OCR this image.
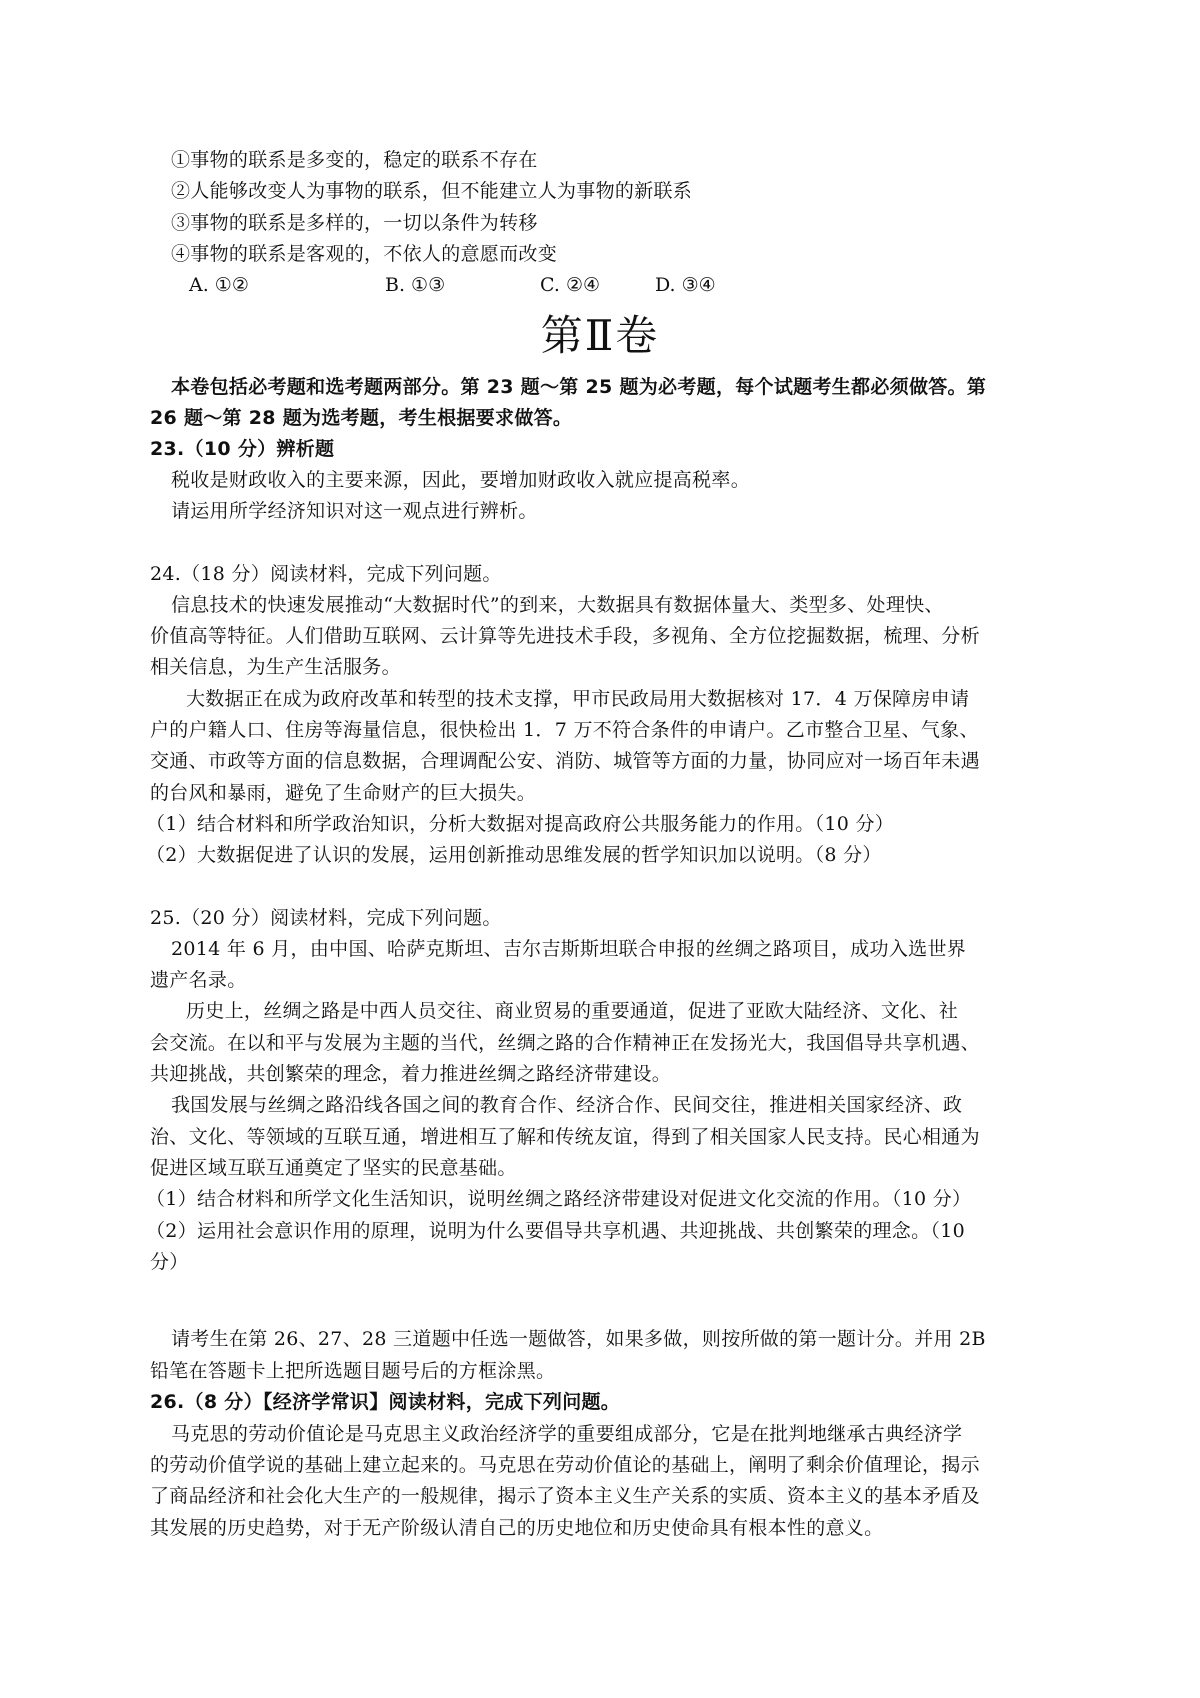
①事物的联系是多变的，稳定的联系不存在
②人能够改变人为事物的联系，但不能建立人为事物的新联系
③事物的联系是多样的，一切以条件为转移
④事物的联系是客观的，不依人的意愿而改变
A. ①②	B. ①③	C. ②④	D. ③④
第Ⅱ卷
本卷包括必考题和选考题两部分。第 23 题～第 25 题为必考题，每个试题考生都必须做答。第
26 题～第 28 题为选考题，考生根据要求做答。
23.（10 分）辨析题
税收是财政收入的主要来源，因此，要增加财政收入就应提高税率。
请运用所学经济知识对这一观点进行辨析。
24.（18 分）阅读材料，完成下列问题。
信息技术的快速发展推动“大数据时代”的到来，大数据具有数据体量大、类型多、处理快、
价值高等特征。人们借助互联网、云计算等先进技术手段，多视角、全方位挖掘数据，梳理、分析
相关信息，为生产生活服务。
大数据正在成为政府改革和转型的技术支撑，甲市民政局用大数据核对 17．4 万保障房申请
户的户籍人口、住房等海量信息，很快检出 1．7 万不符合条件的申请户。乙市整合卫星、气象、
交通、市政等方面的信息数据，合理调配公安、消防、城管等方面的力量，协同应对一场百年未遇
的台风和暴雨，避免了生命财产的巨大损失。
（1）结合材料和所学政治知识，分析大数据对提高政府公共服务能力的作用。（10 分）
（2）大数据促进了认识的发展，运用创新推动思维发展的哲学知识加以说明。（8 分）
25.（20 分）阅读材料，完成下列问题。
2014 年 6 月，由中国、哈萨克斯坦、吉尔吉斯斯坦联合申报的丝绸之路项目，成功入选世界
遗产名录。
历史上，丝绸之路是中西人员交往、商业贸易的重要通道，促进了亚欧大陆经济、文化、社
会交流。在以和平与发展为主题的当代，丝绸之路的合作精神正在发扬光大，我国倡导共享机遇、
共迎挑战，共创繁荣的理念，着力推进丝绸之路经济带建设。
我国发展与丝绸之路沿线各国之间的教育合作、经济合作、民间交往，推进相关国家经济、政
治、文化、等领域的互联互通，增进相互了解和传统友谊，得到了相关国家人民支持。民心相通为
促进区域互联互通奠定了坚实的民意基础。
（1）结合材料和所学文化生活知识，说明丝绸之路经济带建设对促进文化交流的作用。（10 分）
（2）运用社会意识作用的原理，说明为什么要倡导共享机遇、共迎挑战、共创繁荣的理念。（10
分）
请考生在第 26、27、28 三道题中任选一题做答，如果多做，则按所做的第一题计分。并用 2B
铅笔在答题卡上把所选题目题号后的方框涂黑。
26.（8 分）【经济学常识】阅读材料，完成下列问题。
马克思的劳动价值论是马克思主义政治经济学的重要组成部分，它是在批判地继承古典经济学
的劳动价值学说的基础上建立起来的。马克思在劳动价值论的基础上，阐明了剩余价值理论，揭示
了商品经济和社会化大生产的一般规律，揭示了资本主义生产关系的实质、资本主义的基本矛盾及
其发展的历史趋势，对于无产阶级认清自己的历史地位和历史使命具有根本性的意义。
